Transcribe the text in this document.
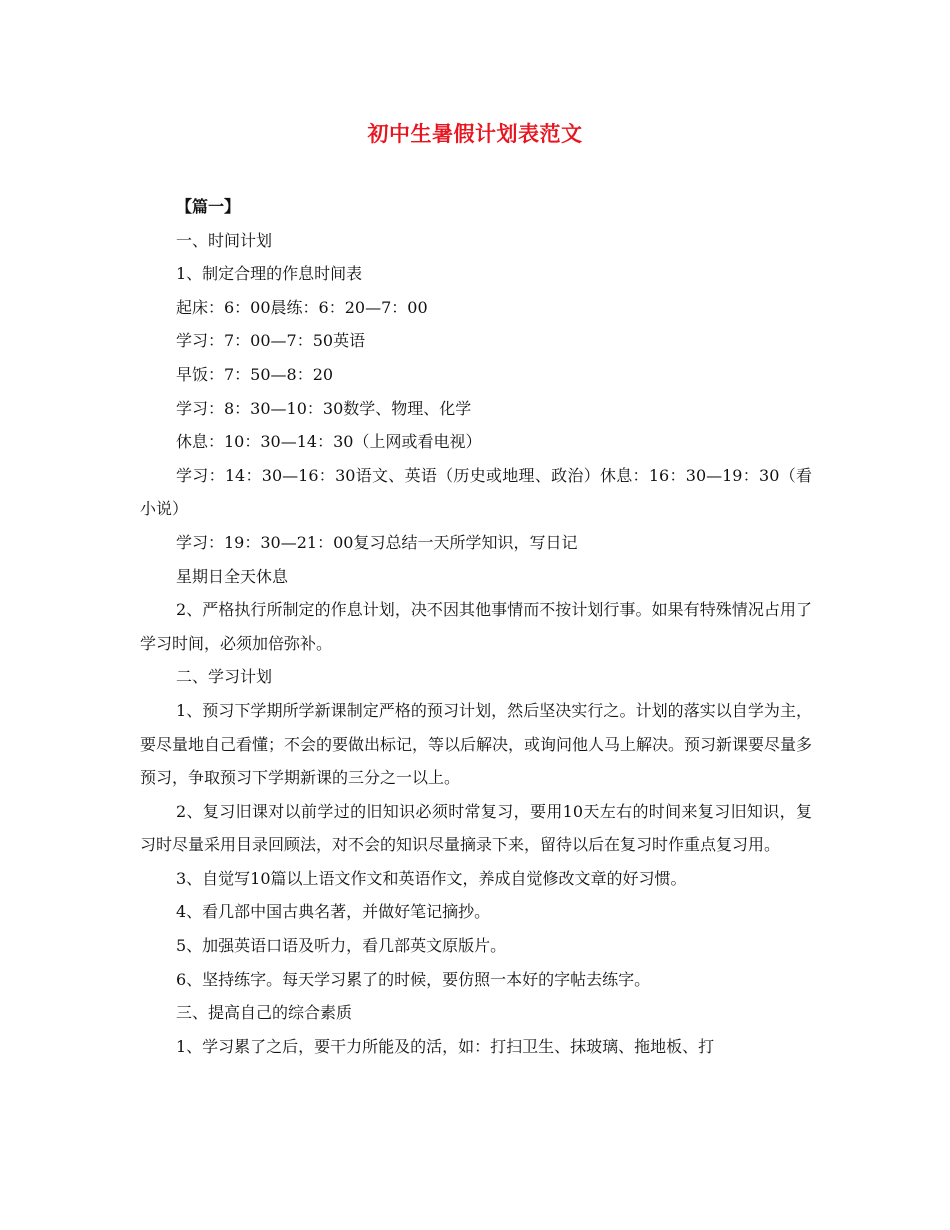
初中生暑假计划表范文

【篇一】

一、时间计划

1、制定合理的作息时间表

起床：6：00晨练：6：20—7：00

学习：7：00—7：50英语

早饭：7：50—8：20

学习：8：30—10：30数学、物理、化学

休息：10：30—14：30（上网或看电视）

学习：14：30—16：30语文、英语（历史或地理、政治）休息：16：30—19：30（看小说）

学习：19：30—21：00复习总结一天所学知识，写日记

星期日全天休息

2、严格执行所制定的作息计划，决不因其他事情而不按计划行事。如果有特殊情况占用了学习时间，必须加倍弥补。

二、学习计划

1、预习下学期所学新课制定严格的预习计划，然后坚决实行之。计划的落实以自学为主，要尽量地自己看懂；不会的要做出标记，等以后解决，或询问他人马上解决。预习新课要尽量多预习，争取预习下学期新课的三分之一以上。

2、复习旧课对以前学过的旧知识必须时常复习，要用10天左右的时间来复习旧知识，复习时尽量采用目录回顾法，对不会的知识尽量摘录下来，留待以后在复习时作重点复习用。

3、自觉写10篇以上语文作文和英语作文，养成自觉修改文章的好习惯。

4、看几部中国古典名著，并做好笔记摘抄。

5、加强英语口语及听力，看几部英文原版片。

6、坚持练字。每天学习累了的时候，要仿照一本好的字帖去练字。

三、提高自己的综合素质

1、学习累了之后，要干力所能及的活，如：打扫卫生、抹玻璃、拖地板、打
